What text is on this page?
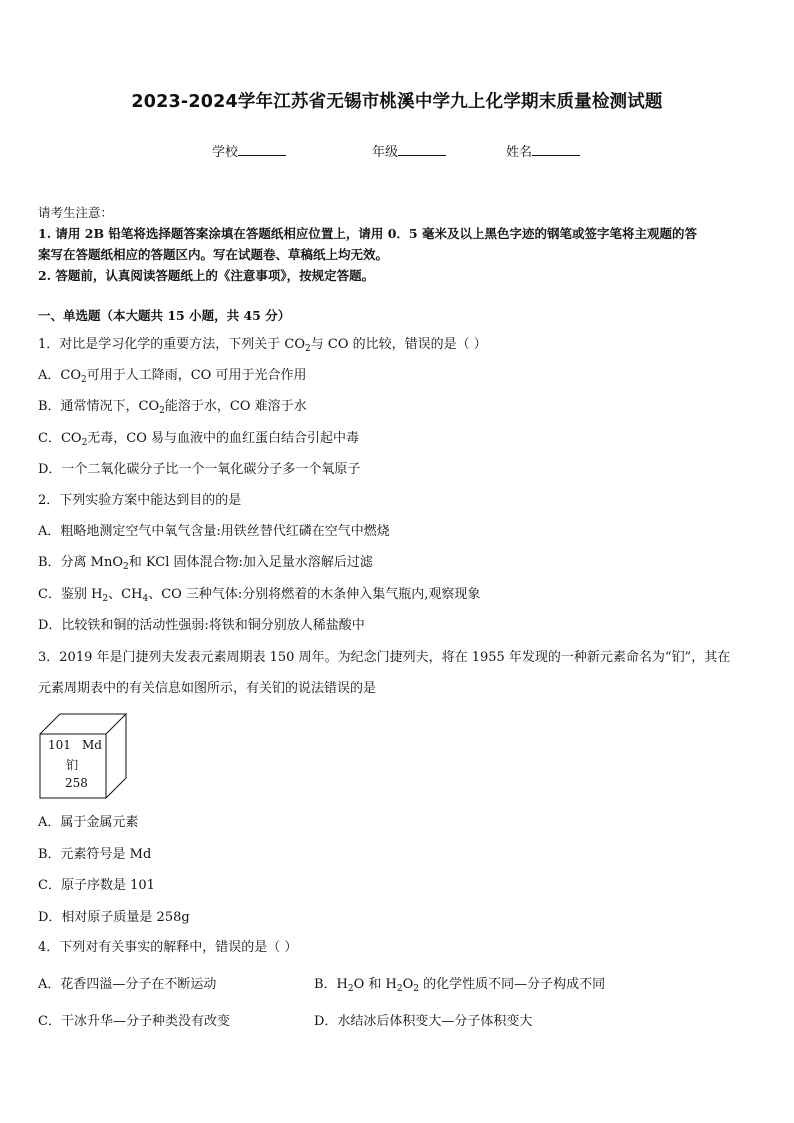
2023-2024学年江苏省无锡市桃溪中学九上化学期末质量检测试题
学校	年级	姓名
请考生注意：
1. 请用 2B 铅笔将选择题答案涂填在答题纸相应位置上，请用 0．5 毫米及以上黑色字迹的钢笔或签字笔将主观题的答
案写在答题纸相应的答题区内。写在试题卷、草稿纸上均无效。
2. 答题前，认真阅读答题纸上的《注意事项》，按规定答题。
一、单选题（本大题共 15 小题，共 45 分）
1．对比是学习化学的重要方法，下列关于 $CO_2$与 CO 的比较，错误的是（ ）
A．$CO_2$可用于人工降雨，CO 可用于光合作用
B．通常情况下，$CO_2$能溶于水，CO 难溶于水
C．$CO_2$无毒，CO 易与血液中的血红蛋白结合引起中毒
D．一个二氧化碳分子比一个一氧化碳分子多一个氧原子
2．下列实验方案中能达到目的的是
A．粗略地测定空气中氧气含量:用铁丝替代红磷在空气中燃烧
B．分离 MnO$_2$和 KCl 固体混合物:加入足量水溶解后过滤
C．鉴别 $H_2$、$CH_4$、CO 三种气体:分别将燃着的木条伸入集气瓶内,观察现象
D．比较铁和铜的活动性强弱:将铁和铜分别放人稀盐酸中
3．2019 年是门捷列夫发表元素周期表 150 周年。为纪念门捷列夫，将在 1955 年发现的一种新元素命名为“钔”，其在
元素周期表中的有关信息如图所示，有关钔的说法错误的是
101 Md
钔
258
A．属于金属元素
B．元素符号是 Md
C．原子序数是 101
D．相对原子质量是 258g
4．下列对有关事实的解释中，错误的是（ ）
A．花香四溢—分子在不断运动	B．$H_2O$ 和 $H_2O_2$ 的化学性质不同—分子构成不同
C．干冰升华—分子种类没有改变	D．水结冰后体积变大—分子体积变大
